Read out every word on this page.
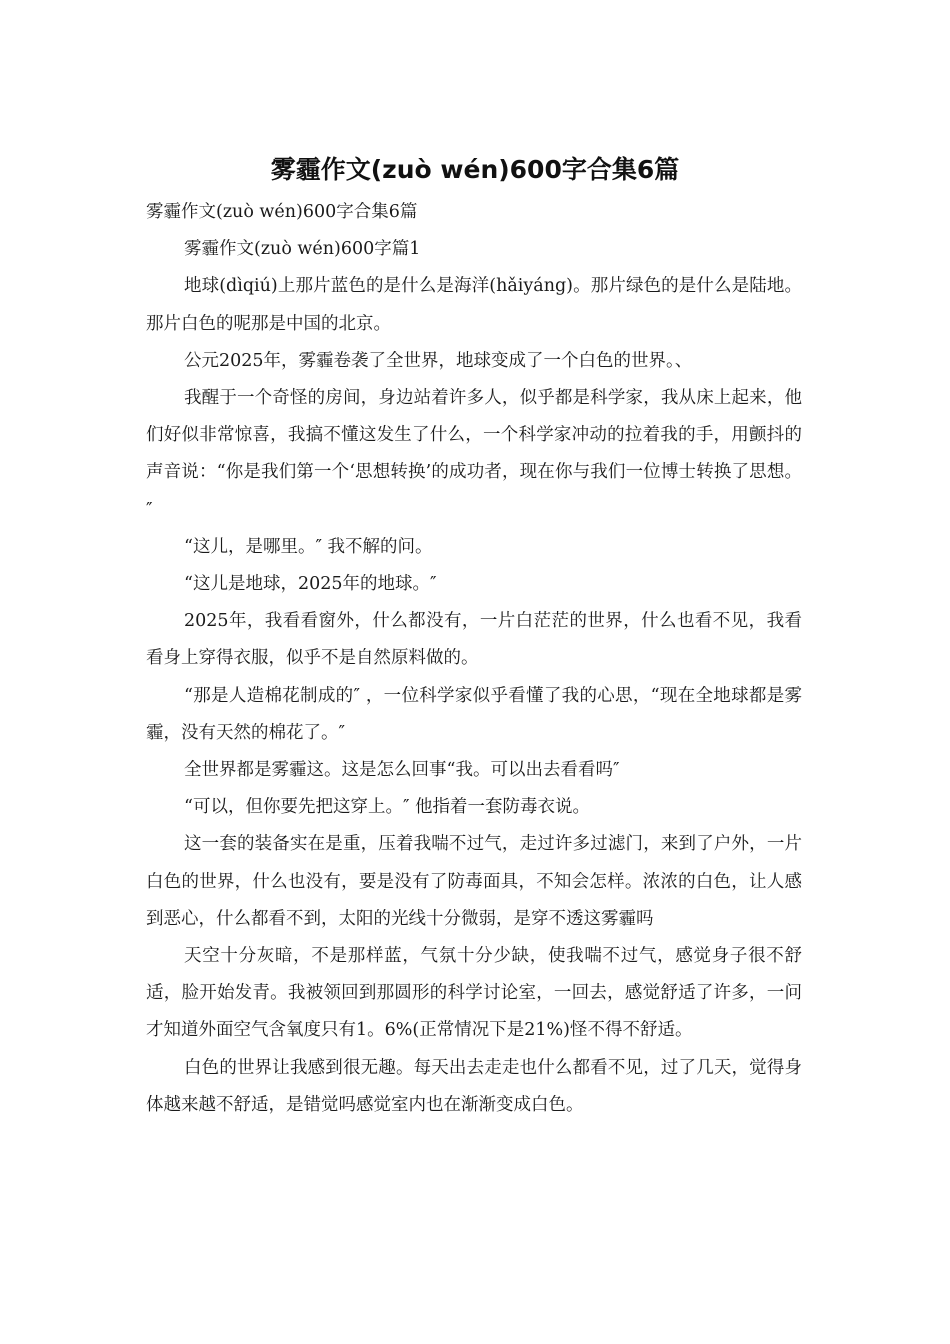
雾霾作文(zuò wén)600字合集6篇

雾霾作文(zuò wén)600字合集6篇

雾霾作文(zuò wén)600字篇1

地球(dìqiú)上那片蓝色的是什么是海洋(hǎiyáng)。那片绿色的是什么是陆地。那片白色的呢那是中国的北京。

公元2025年，雾霾卷袭了全世界，地球变成了一个白色的世界。、

我醒于一个奇怪的房间，身边站着许多人，似乎都是科学家，我从床上起来，他们好似非常惊喜，我搞不懂这发生了什么，一个科学家冲动的拉着我的手，用颤抖的声音说：“你是我们第一个‘思想转换’的成功者，现在你与我们一位博士转换了思想。″

“这儿，是哪里。″ 我不解的问。

“这儿是地球，2025年的地球。″

2025年，我看看窗外，什么都没有，一片白茫茫的世界，什么也看不见，我看看身上穿得衣服，似乎不是自然原料做的。

“那是人造棉花制成的″ ，一位科学家似乎看懂了我的心思，“现在全地球都是雾霾，没有天然的棉花了。″

全世界都是雾霾这。这是怎么回事“我。可以出去看看吗″

“可以，但你要先把这穿上。″ 他指着一套防毒衣说。

这一套的装备实在是重，压着我喘不过气，走过许多过滤门，来到了户外，一片白色的世界，什么也没有，要是没有了防毒面具，不知会怎样。浓浓的白色，让人感到恶心，什么都看不到，太阳的光线十分微弱，是穿不透这雾霾吗

天空十分灰暗，不是那样蓝，气氛十分少缺，使我喘不过气，感觉身子很不舒适，脸开始发青。我被领回到那圆形的科学讨论室，一回去，感觉舒适了许多，一问才知道外面空气含氧度只有1。6%(正常情况下是21%)怪不得不舒适。

白色的世界让我感到很无趣。每天出去走走也什么都看不见，过了几天，觉得身体越来越不舒适，是错觉吗感觉室内也在渐渐变成白色。
